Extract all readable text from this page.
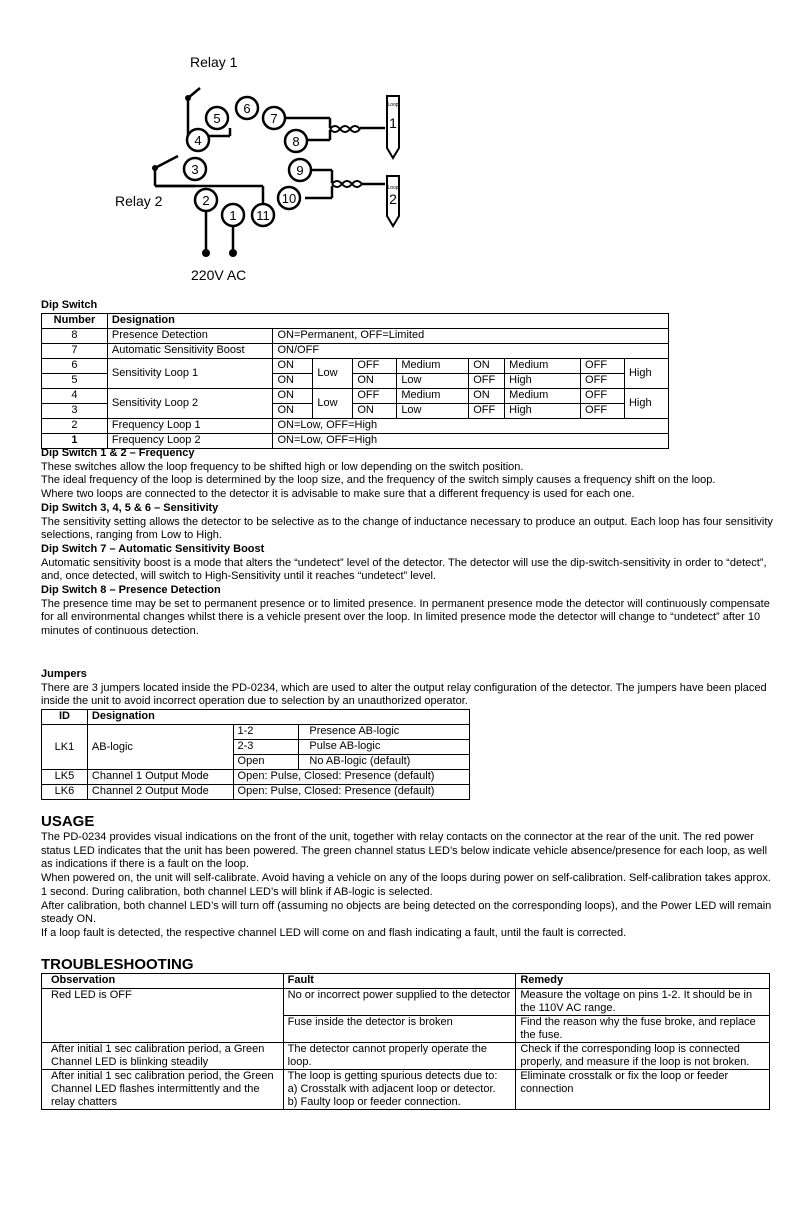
1
2
3
4
5
6
7
8
9
10
11
Loop
1
Loop
2
Relay 1
Relay 2
220V AC
Dip Switch
Number	Designation								
8	Presence Detection	ON=Permanent, OFF=Limited							
7	Automatic Sensitivity Boost	ON/OFF							
6	Sensitivity Loop 1	ON	Low	OFF	Medium	ON	Medium	OFF	High
5		ON		ON	Low	OFF	High	OFF	
4	Sensitivity Loop 2	ON	Low	OFF	Medium	ON	Medium	OFF	High
3		ON		ON	Low	OFF	High	OFF	
2	Frequency Loop 1	ON=Low, OFF=High							
1	Frequency Loop 2	ON=Low, OFF=High							

Dip Switch 1 & 2 – Frequency

These switches allow the loop frequency to be shifted high or low depending on the switch position.

The ideal frequency of the loop is determined by the loop size, and the frequency of the switch simply causes a frequency shift on the loop.

Where two loops are connected to the detector it is advisable to make sure that a different frequency is used for each one.

Dip Switch 3, 4, 5 & 6 – Sensitivity

The sensitivity setting allows the detector to be selective as to the change of inductance necessary to produce an output. Each loop has four sensitivity selections, ranging from Low to High.

Dip Switch 7 – Automatic Sensitivity Boost

Automatic sensitivity boost is a mode that alters the “undetect” level of the detector. The detector will use the dip-switch-sensitivity in order to “detect”, and, once detected, will switch to High-Sensitivity until it reaches “undetect” level.

Dip Switch 8 – Presence Detection

The presence time may be set to permanent presence or to limited presence. In permanent presence mode the detector will continuously compensate for all environmental changes whilst there is a vehicle present over the loop. In limited presence mode the detector will change to “undetect” after 10 minutes of continuous detection.

Jumpers

There are 3 jumpers located inside the PD-0234, which are used to alter the output relay configuration of the detector. The jumpers have been placed inside the unit to avoid incorrect operation due to selection by an unauthorized operator.

ID	Designation		
LK1	AB-logic	1-2	Presence AB-logic
		2-3	Pulse AB-logic
		Open	No AB-logic (default)
LK5	Channel 1 Output Mode	Open: Pulse, Closed: Presence (default)	
LK6	Channel 2 Output Mode	Open: Pulse, Closed: Presence (default)	
USAGE

The PD-0234 provides visual indications on the front of the unit, together with relay contacts on the connector at the rear of the unit. The red power status LED indicates that the unit has been powered. The green channel status LED’s below indicate vehicle absence/presence for each loop, as well as indications if there is a fault on the loop.

When powered on, the unit will self-calibrate. Avoid having a vehicle on any of the loops during power on self-calibration. Self-calibration takes approx. 1 second. During calibration, both channel LED’s will blink if AB-logic is selected.

After calibration, both channel LED’s will turn off (assuming no objects are being detected on the corresponding loops), and the Power LED will remain steady ON.

If a loop fault is detected, the respective channel LED will come on and flash indicating a fault, until the fault is corrected.

TROUBLESHOOTING
Observation	Fault	Remedy
Red LED is OFF	No or incorrect power supplied to the detector	Measure the voltage on pins 1-2. It should be in the 110V AC range.
	Fuse inside the detector is broken	Find the reason why the fuse broke, and replace the fuse.
After initial 1 sec calibration period, a Green Channel LED is blinking steadily	The detector cannot properly operate the loop.	Check if the corresponding loop is connected properly, and measure if the loop is not broken.
After initial 1 sec calibration period, the Green Channel LED flashes intermittently and the relay chatters	The loop is getting spurious detects due to:
a) Crosstalk with adjacent loop or detector.
b) Faulty loop or feeder connection.	Eliminate crosstalk or fix the loop or feeder connection
